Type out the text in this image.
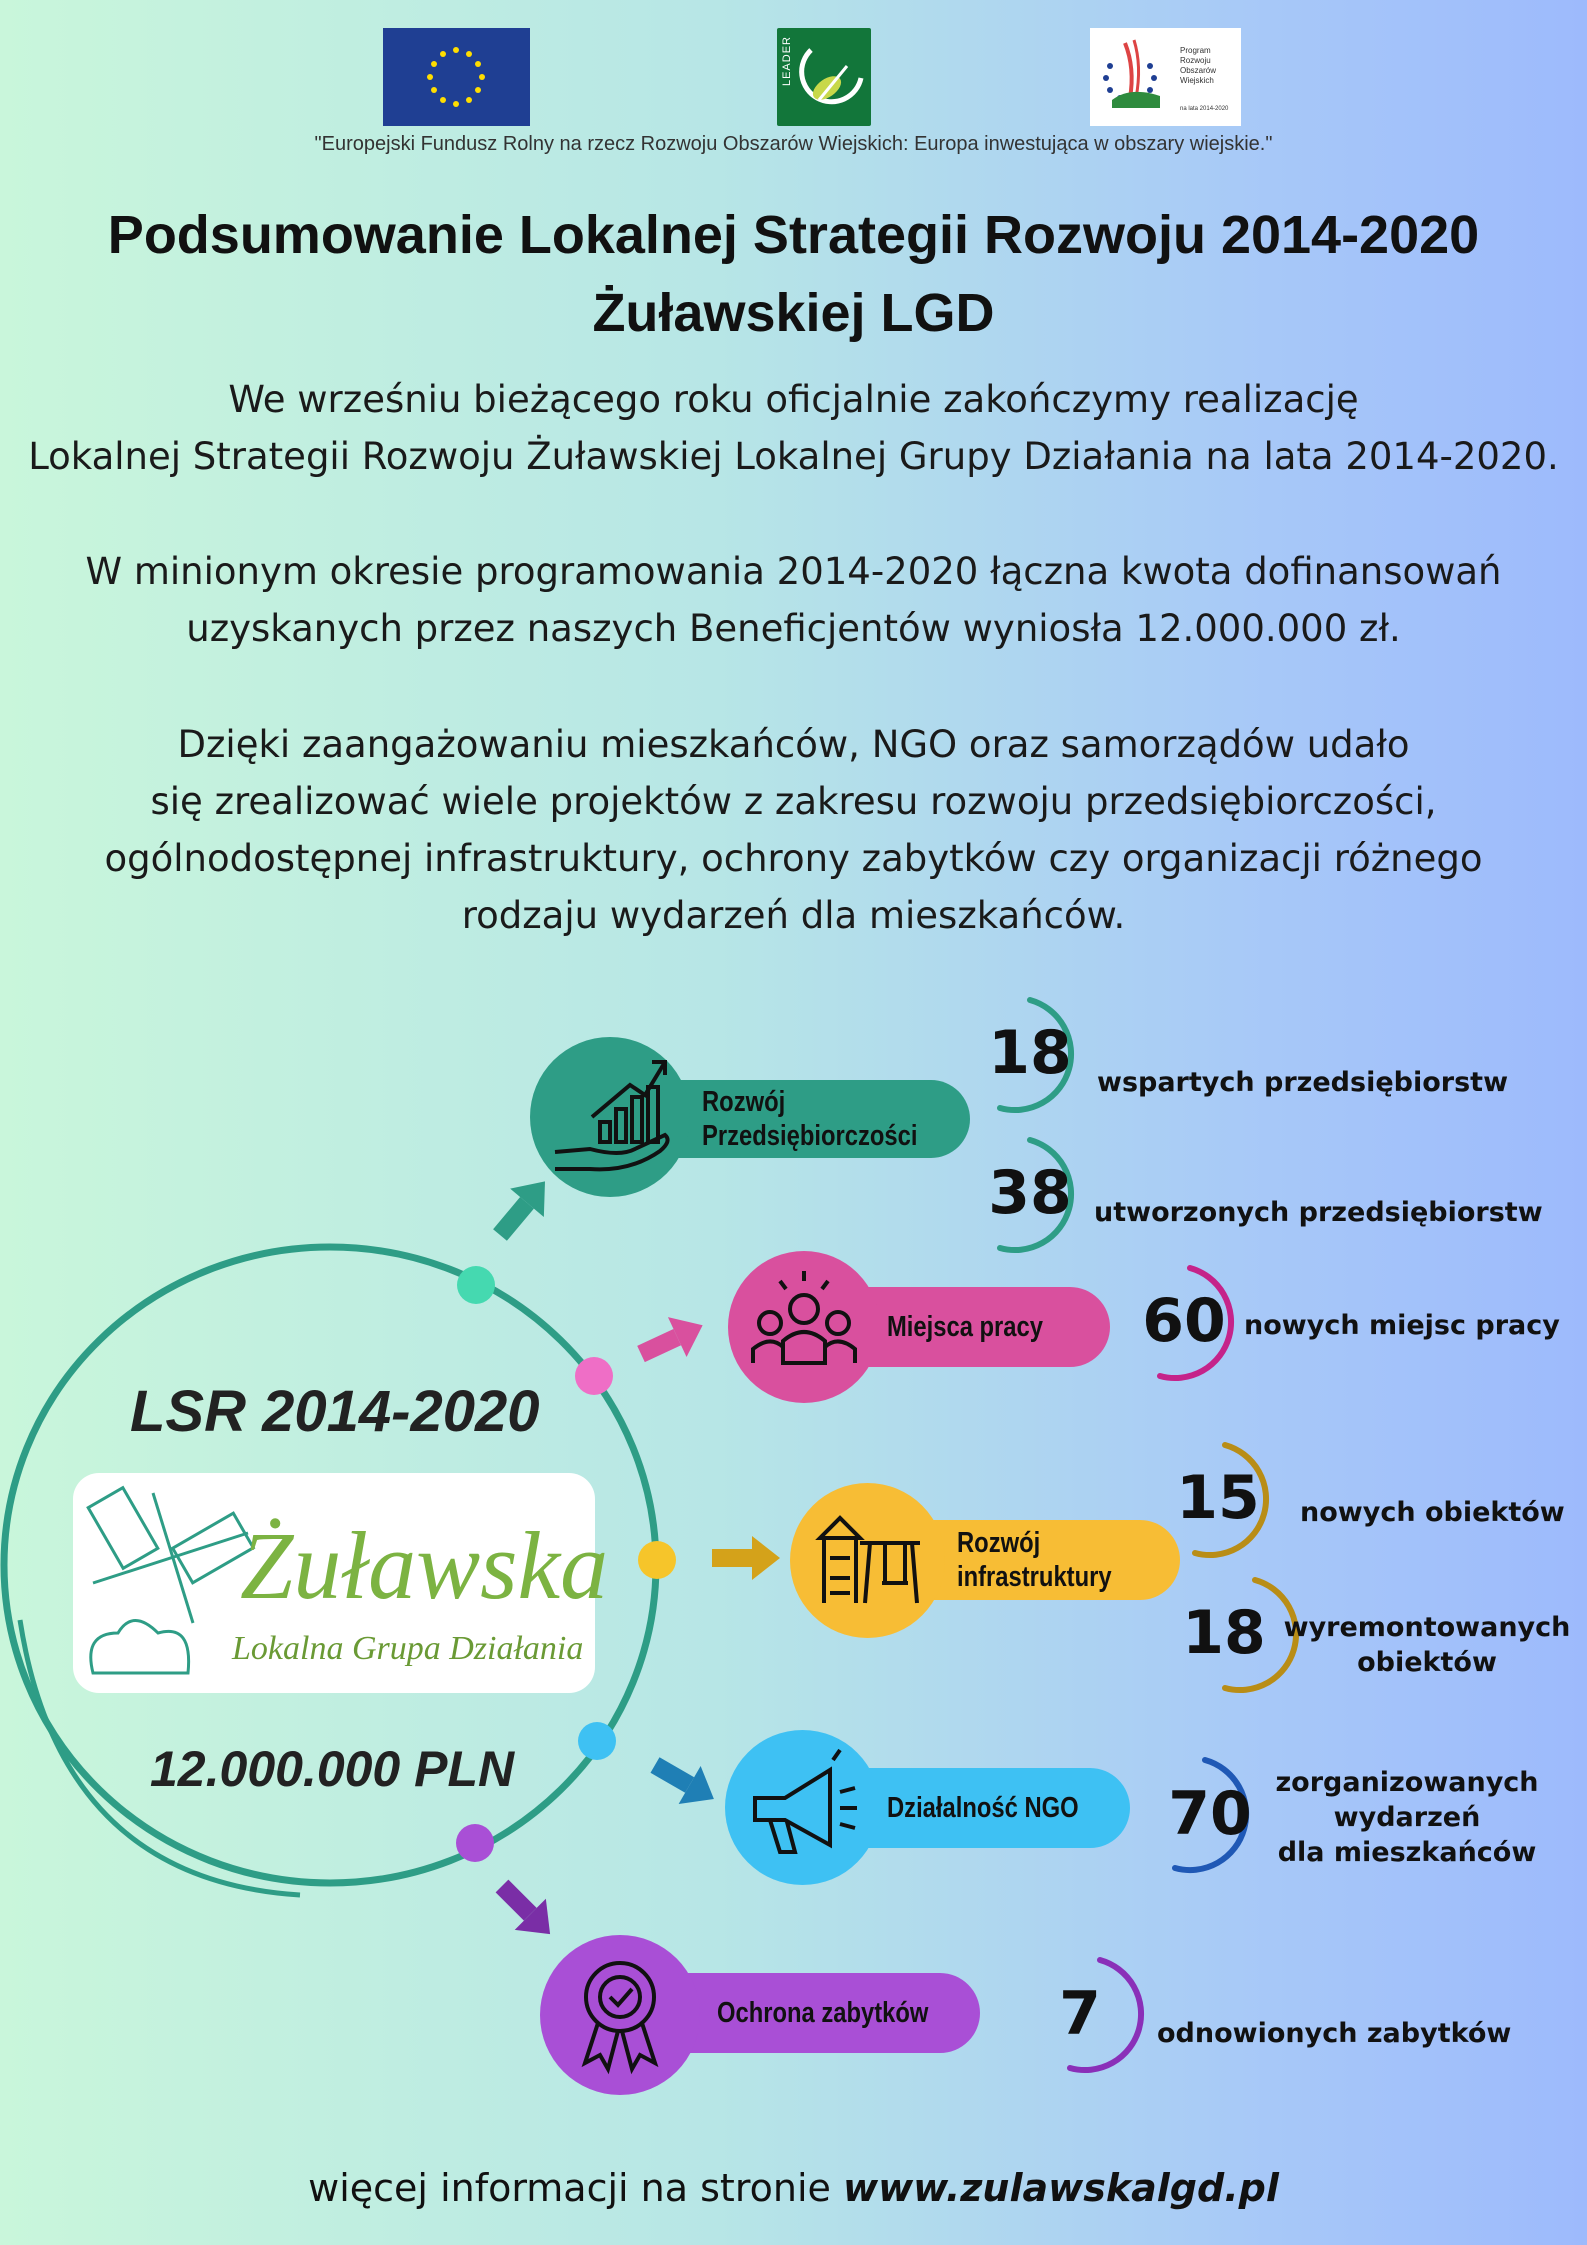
LEADER	Program
Rozwoju
Obszarów
Wiejskich
na lata 2014-2020
"Europejski Fundusz Rolny na rzecz Rozwoju Obszarów Wiejskich: Europa inwestująca w obszary wiejskie."
Podsumowanie Lokalnej Strategii Rozwoju 2014-2020
Żuławskiej LGD
We wrześniu bieżącego roku oficjalnie zakończymy realizację
Lokalnej Strategii Rozwoju Żuławskiej Lokalnej Grupy Działania na lata 2014-2020.
W minionym okresie programowania 2014-2020 łączna kwota dofinansowań
uzyskanych przez naszych Beneficjentów wyniosła 12.000.000 zł.
Dzięki zaangażowaniu mieszkańców, NGO oraz samorządów udało
się zrealizować wiele projektów z zakresu rozwoju przedsiębiorczości,
ogólnodostępnej infrastruktury, ochrony zabytków czy organizacji różnego
rodzaju wydarzeń dla mieszkańców.
LSR 2014-2020
Żuławska
Lokalna Grupa Działania
12.000.000 PLN
Rozwój
Przedsiębiorczości
Miejsca pracy
Rozwój
infrastruktury
Działalność NGO
Ochrona zabytków
18 wspartych przedsiębiorstw
38 utworzonych przedsiębiorstw
60 nowych miejsc pracy
15	nowych obiektów
18 wyremontowanych
obiektów
70 zorganizowanych
wydarzeń
dla mieszkańców
7	odnowionych zabytków
więcej informacji na stronie www.zulawskalgd.pl
